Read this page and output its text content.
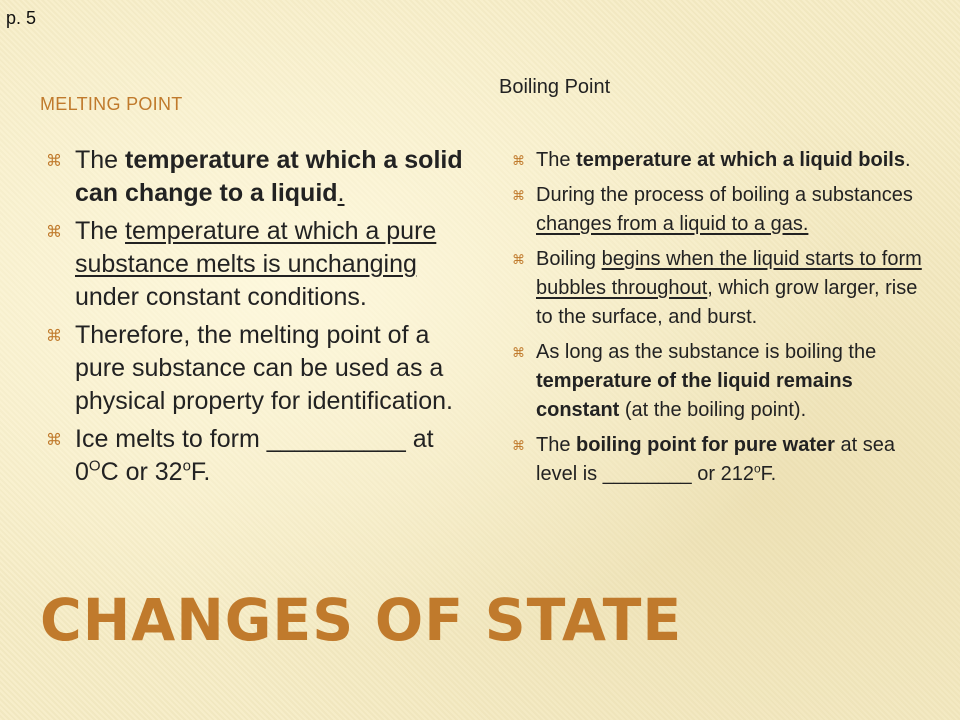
p. 5
MELTING POINT
⌘ The temperature at which a solid can change to a liquid.
⌘ The temperature at which a pure substance melts is unchanging under constant conditions.
⌘ Therefore, the melting point of a pure substance can be used as a physical property for identification.
⌘ Ice melts to form __________ at $0^OC$ or 32$^o$F.
Boiling Point
⌘ The temperature at which a liquid boils.
⌘ During the process of boiling a substances changes from a liquid to a gas.
⌘ Boiling begins when the liquid starts to form bubbles throughout, which grow larger, rise to the surface, and burst.
⌘ As long as the substance is boiling the temperature of the liquid remains constant (at the boiling point).
⌘ The boiling point for pure water at sea level is ________ or 212$^o$F.
CHANGES OF STATE
